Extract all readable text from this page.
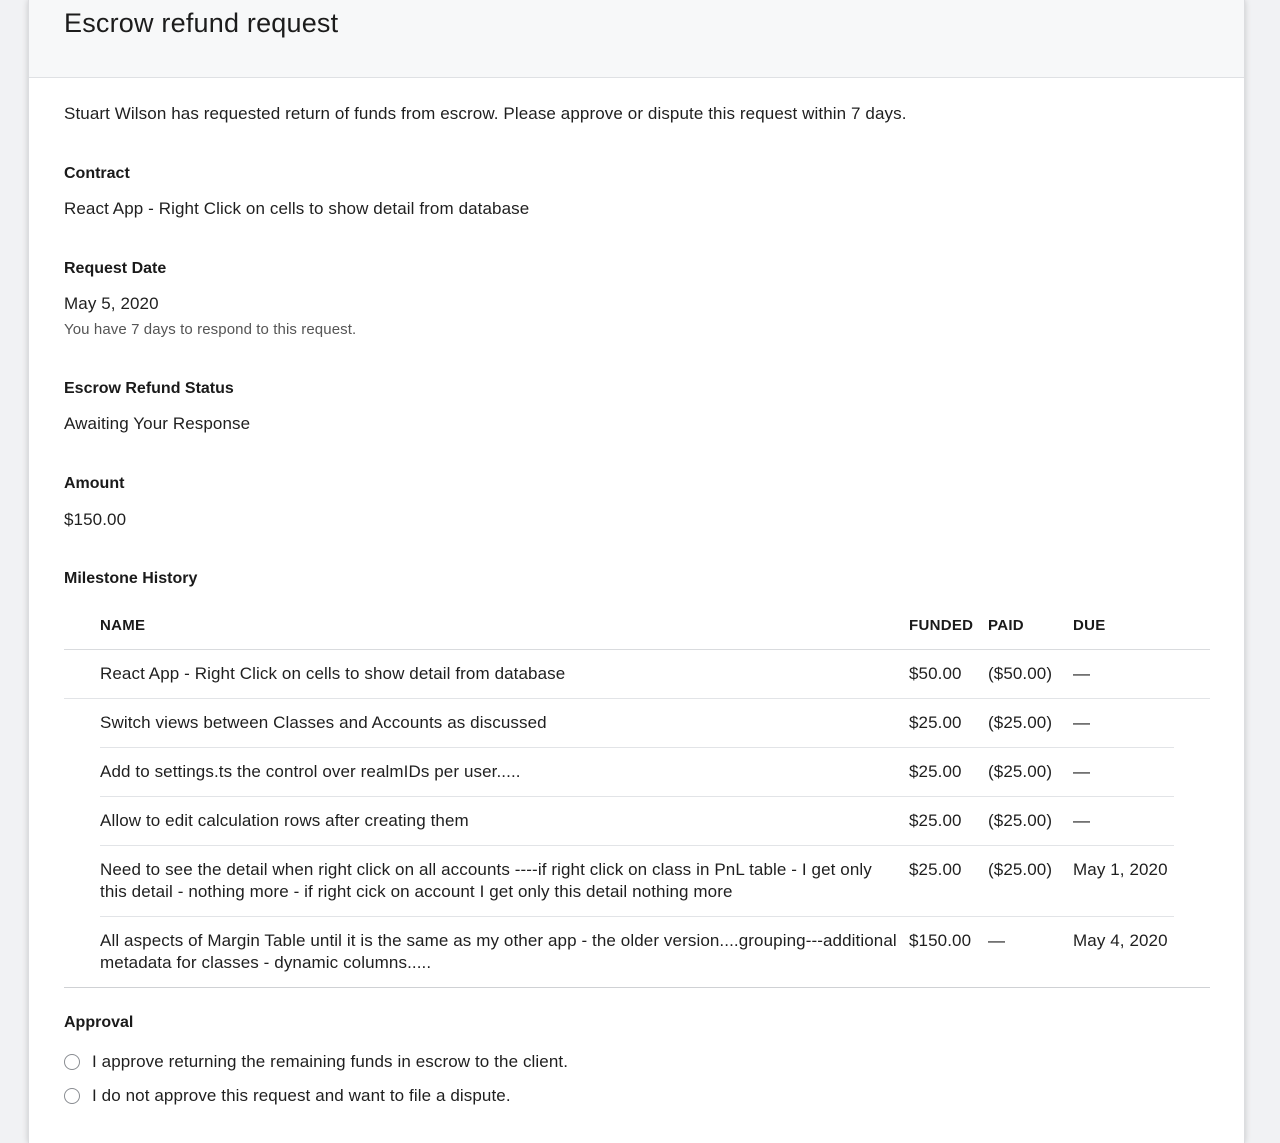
Escrow refund request
Stuart Wilson has requested return of funds from escrow. Please approve or dispute this request within 7 days.
Contract
React App - Right Click on cells to show detail from database
Request Date
May 5, 2020
You have 7 days to respond to this request.
Escrow Refund Status
Awaiting Your Response
Amount
$150.00
Milestone History
NAME	FUNDED PAID	DUE
React App - Right Click on cells to show detail from database	$50.00 ($50.00) —
Switch views between Classes and Accounts as discussed	$25.00 ($25.00) —
Add to settings.ts the control over realmIDs per user.....	$25.00 ($25.00) —
Allow to edit calculation rows after creating them	$25.00 ($25.00) —
Need to see the detail when right click on all accounts ----if right click on class in PnL table - I get only this detail - nothing more - if right cick on account I get only this detail nothing more
$25.00 ($25.00) May 1, 2020
All aspects of Margin Table until it is the same as my other app - the older version....grouping---additional metadata for classes - dynamic columns.....
$150.00 —	May 4, 2020
Approval
I approve returning the remaining funds in escrow to the client.
I do not approve this request and want to file a dispute.
